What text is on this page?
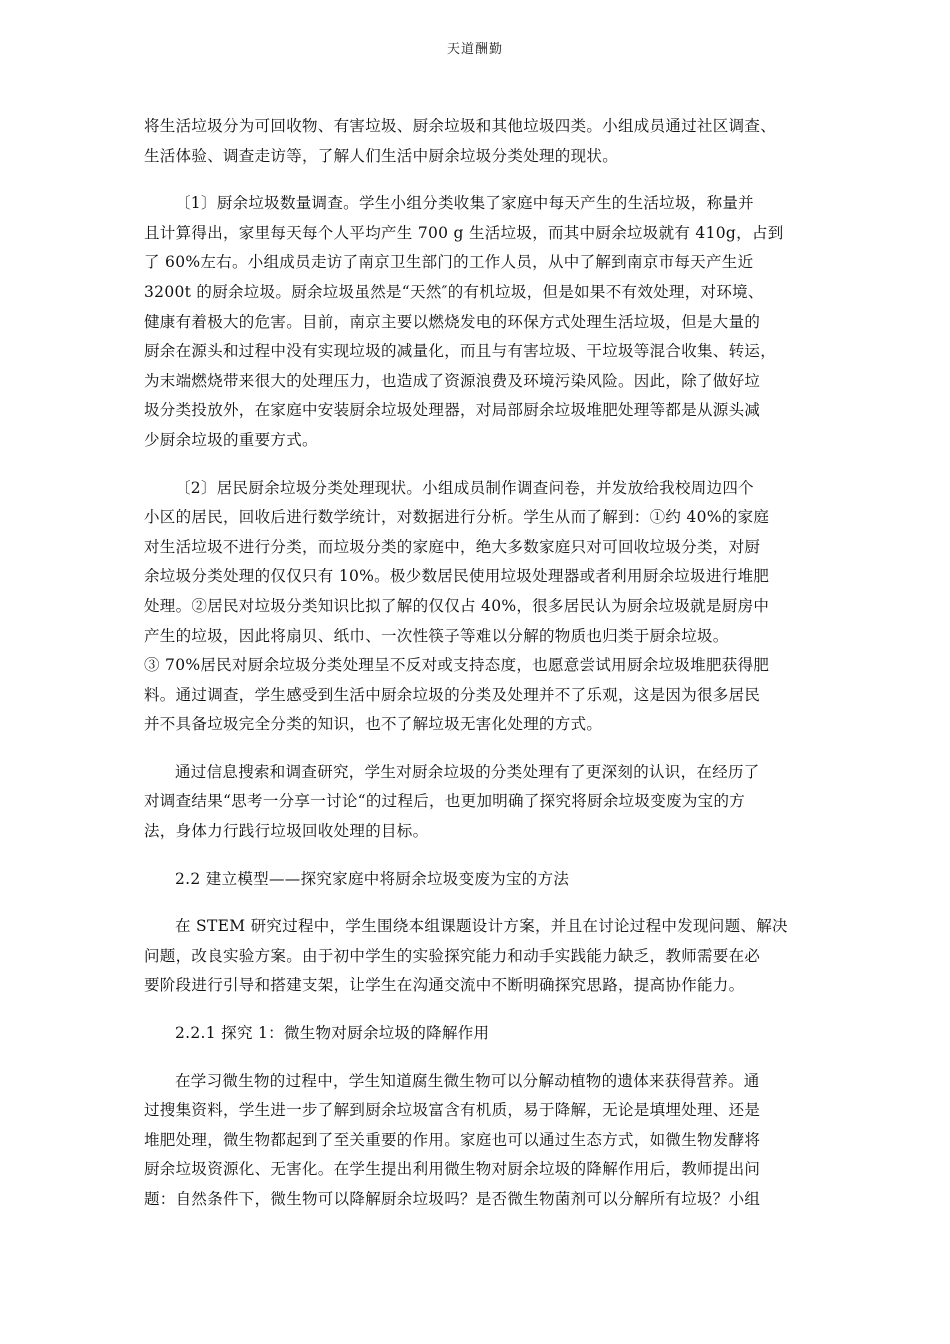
天道酬勤
将生活垃圾分为可回收物、有害垃圾、厨余垃圾和其他垃圾四类。小组成员通过社区调查、
生活体验、调查走访等，了解人们生活中厨余垃圾分类处理的现状。
〔1〕厨余垃圾数量调查。学生小组分类收集了家庭中每天产生的生活垃圾，称量并
且计算得出，家里每天每个人平均产生 700 g 生活垃圾，而其中厨余垃圾就有 410g，占到
了 60%左右。小组成员走访了南京卫生部门的工作人员，从中了解到南京市每天产生近
3200t 的厨余垃圾。厨余垃圾虽然是“天然″的有机垃圾，但是如果不有效处理，对环境、
健康有着极大的危害。目前，南京主要以燃烧发电的环保方式处理生活垃圾，但是大量的
厨余在源头和过程中没有实现垃圾的减量化，而且与有害垃圾、干垃圾等混合收集、转运，
为末端燃烧带来很大的处理压力，也造成了资源浪费及环境污染风险。因此，除了做好垃
圾分类投放外，在家庭中安装厨余垃圾处理器，对局部厨余垃圾堆肥处理等都是从源头减
少厨余垃圾的重要方式。
〔2〕居民厨余垃圾分类处理现状。小组成员制作调查问卷，并发放给我校周边四个
小区的居民，回收后进行数学统计，对数据进行分析。学生从而了解到：①约 40%的家庭
对生活垃圾不进行分类，而垃圾分类的家庭中，绝大多数家庭只对可回收垃圾分类，对厨
余垃圾分类处理的仅仅只有 10%。极少数居民使用垃圾处理器或者利用厨余垃圾进行堆肥
处理。②居民对垃圾分类知识比拟了解的仅仅占 40%，很多居民认为厨余垃圾就是厨房中
产生的垃圾，因此将扇贝、纸巾、一次性筷子等难以分解的物质也归类于厨余垃圾。
③ 70%居民对厨余垃圾分类处理呈不反对或支持态度，也愿意尝试用厨余垃圾堆肥获得肥
料。通过调查，学生感受到生活中厨余垃圾的分类及处理并不了乐观，这是因为很多居民
并不具备垃圾完全分类的知识，也不了解垃圾无害化处理的方式。
通过信息搜索和调查研究，学生对厨余垃圾的分类处理有了更深刻的认识，在经历了
对调查结果“思考一分享一讨论“的过程后，也更加明确了探究将厨余垃圾变废为宝的方
法，身体力行践行垃圾回收处理的目标。
2.2 建立模型——探究家庭中将厨余垃圾变废为宝的方法
在 STEM 研究过程中，学生围绕本组课题设计方案，并且在讨论过程中发现问题、解决
问题，改良实验方案。由于初中学生的实验探究能力和动手实践能力缺乏，教师需要在必
要阶段进行引导和搭建支架，让学生在沟通交流中不断明确探究思路，提高协作能力。
2.2.1 探究 1：微生物对厨余垃圾的降解作用
在学习微生物的过程中，学生知道腐生微生物可以分解动植物的遗体来获得营养。通
过搜集资料，学生进一步了解到厨余垃圾富含有机质，易于降解，无论是填埋处理、还是
堆肥处理，微生物都起到了至关重要的作用。家庭也可以通过生态方式，如微生物发酵将
厨余垃圾资源化、无害化。在学生提出利用微生物对厨余垃圾的降解作用后，教师提出问
题：自然条件下，微生物可以降解厨余垃圾吗？是否微生物菌剂可以分解所有垃圾？小组
